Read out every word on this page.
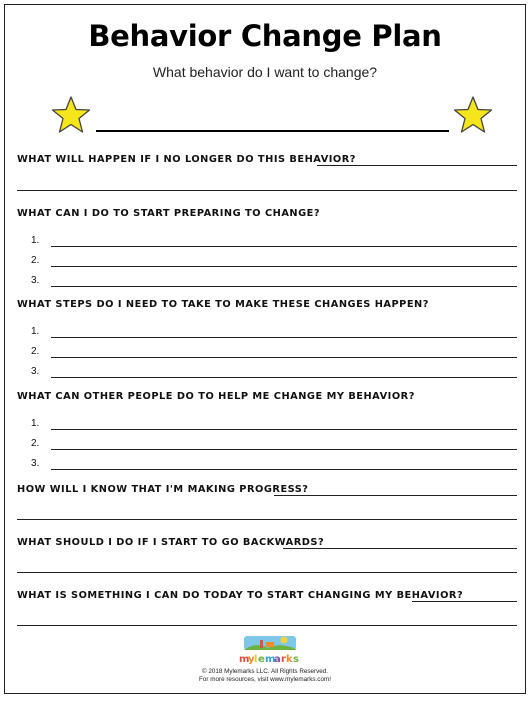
Behavior Change Plan
What behavior do I want to change?
WHAT WILL HAPPEN IF I NO LONGER DO THIS BEHAVIOR?
WHAT CAN I DO TO START PREPARING TO CHANGE?
1.
2.
3.
WHAT STEPS DO I NEED TO TAKE TO MAKE THESE CHANGES HAPPEN?
1.
2.
3.
WHAT CAN OTHER PEOPLE DO TO HELP ME CHANGE MY BEHAVIOR?
1.
2.
3.
HOW WILL I KNOW THAT I'M MAKING PROGRESS?
WHAT SHOULD I DO IF I START TO GO BACKWARDS?
WHAT IS SOMETHING I CAN DO TODAY TO START CHANGING MY BEHAVIOR?
m
y l e m
a r k s
© 2018 Mylemarks LLC. All Rights Reserved.
For more resources, visit www.mylemarks.com!
